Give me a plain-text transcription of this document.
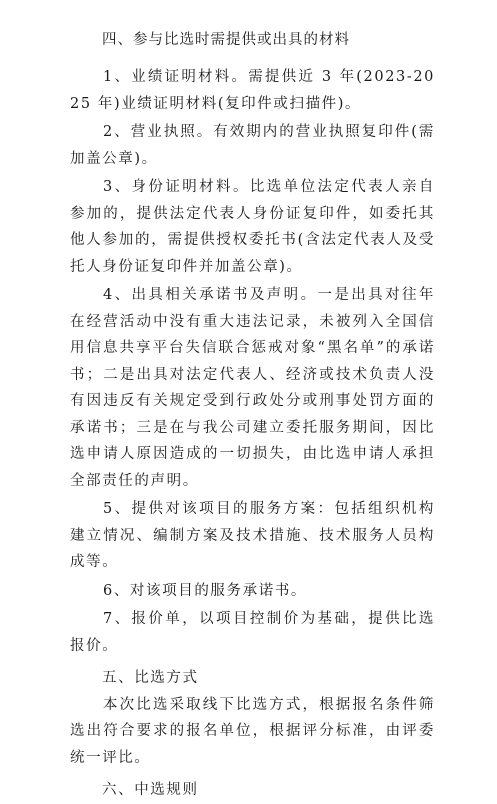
四、参与比选时需提供或出具的材料

1、业绩证明材料。需提供近 3 年(2023-2025 年)业绩证明材料(复印件或扫描件)。

2、营业执照。有效期内的营业执照复印件(需加盖公章)。

3、身份证明材料。比选单位法定代表人亲自参加的，提供法定代表人身份证复印件，如委托其他人参加的，需提供授权委托书(含法定代表人及受托人身份证复印件并加盖公章)。

4、出具相关承诺书及声明。一是出具对往年在经营活动中没有重大违法记录，未被列入全国信用信息共享平台失信联合惩戒对象“黑名单”的承诺书；二是出具对法定代表人、经济或技术负责人没有因违反有关规定受到行政处分或刑事处罚方面的承诺书；三是在与我公司建立委托服务期间，因比选申请人原因造成的一切损失，由比选申请人承担全部责任的声明。

5、提供对该项目的服务方案：包括组织机构建立情况、编制方案及技术措施、技术服务人员构成等。

6、对该项目的服务承诺书。

7、报价单，以项目控制价为基础，提供比选报价。

五、比选方式

本次比选采取线下比选方式，根据报名条件筛选出符合要求的报名单位，根据评分标准，由评委统一评比。

六、中选规则
